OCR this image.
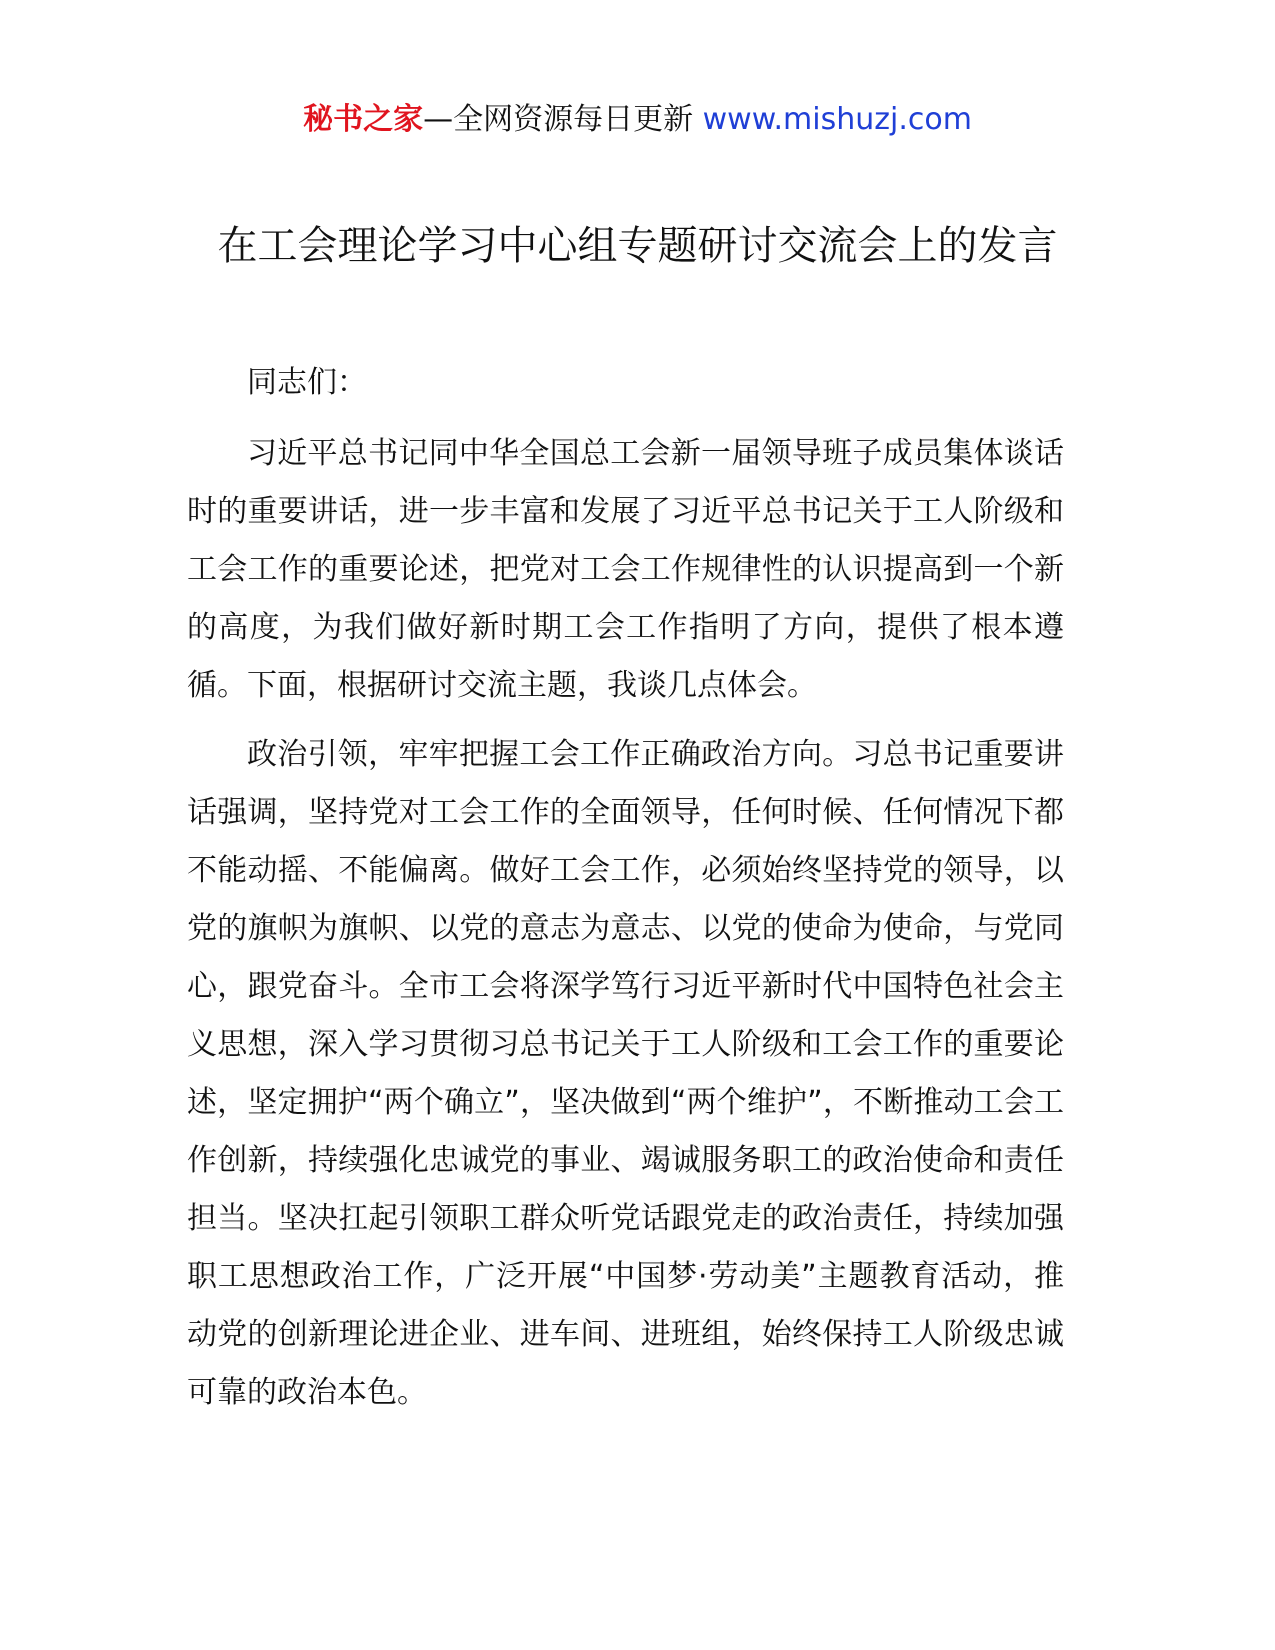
秘书之家—全网资源每日更新 www.mishuzj.com
在工会理论学习中心组专题研讨交流会上的发言

同志们：

习近平总书记同中华全国总工会新一届领导班子成员集体谈话时的重要讲话，进一步丰富和发展了习近平总书记关于工人阶级和工会工作的重要论述，把党对工会工作规律性的认识提高到一个新的高度，为我们做好新时期工会工作指明了方向，提供了根本遵循。下面，根据研讨交流主题，我谈几点体会。

政治引领，牢牢把握工会工作正确政治方向。习总书记重要讲话强调，坚持党对工会工作的全面领导，任何时候、任何情况下都不能动摇、不能偏离。做好工会工作，必须始终坚持党的领导，以党的旗帜为旗帜、以党的意志为意志、以党的使命为使命，与党同心，跟党奋斗。全市工会将深学笃行习近平新时代中国特色社会主义思想，深入学习贯彻习总书记关于工人阶级和工会工作的重要论述，坚定拥护“两个确立”，坚决做到“两个维护”，不断推动工会工作创新，持续强化忠诚党的事业、竭诚服务职工的政治使命和责任担当。坚决扛起引领职工群众听党话跟党走的政治责任，持续加强职工思想政治工作，广泛开展“中国梦·劳动美”主题教育活动，推动党的创新理论进企业、进车间、进班组，始终保持工人阶级忠诚可靠的政治本色。
